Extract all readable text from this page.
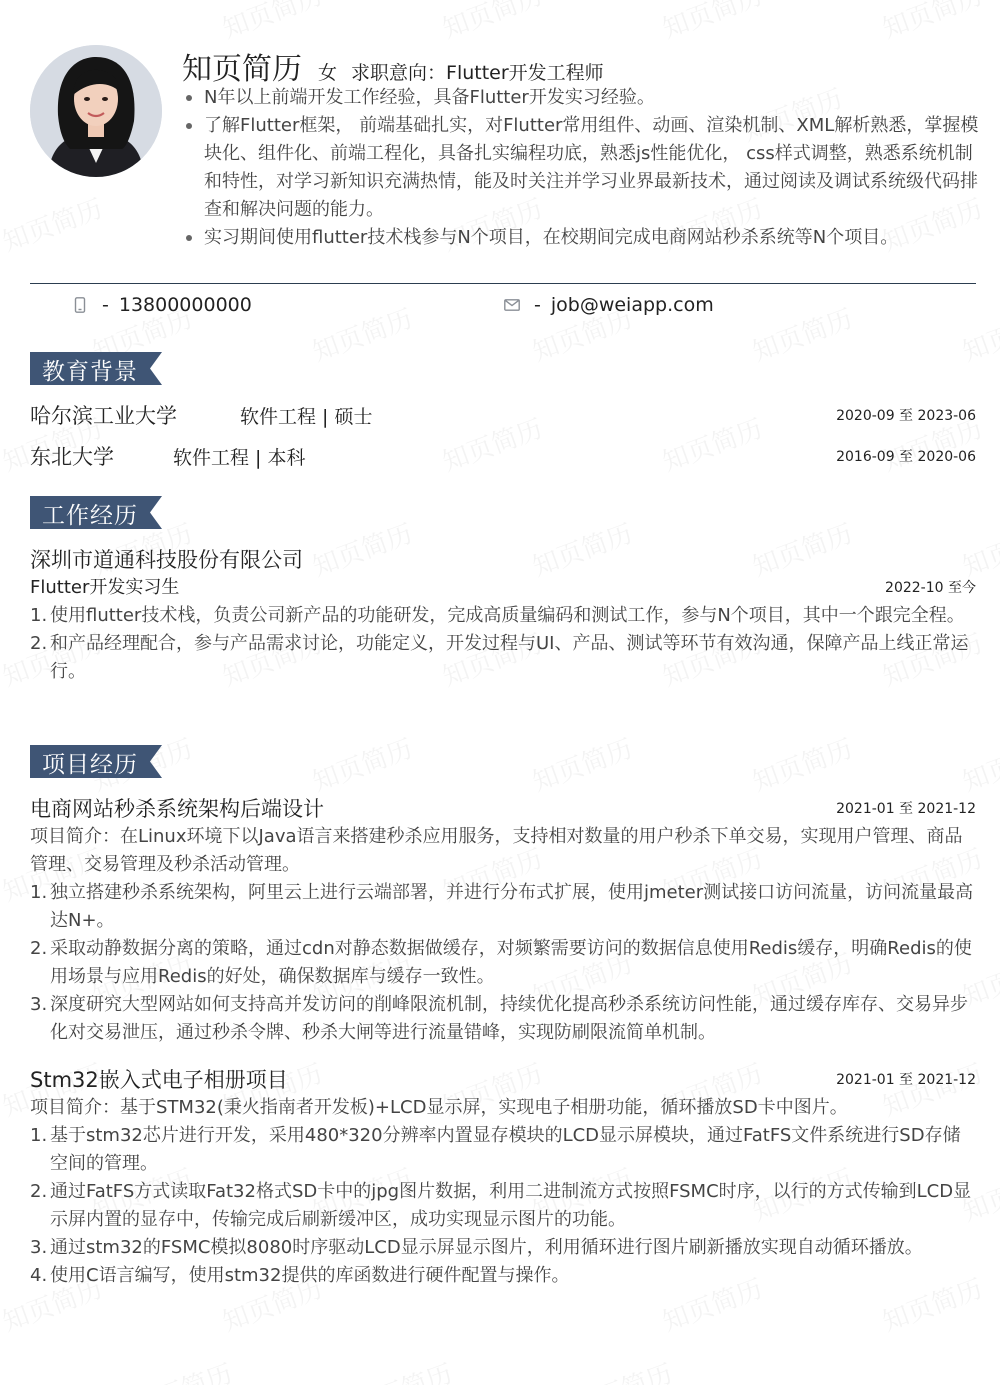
知页简历 女 求职意向： Flutter开发工程师
N年以上前端开发工作经验，具备Flutter开发实习经验。
了解Flutter框架， 前端基础扎实，对Flutter常用组件、动画、渲染机制、XML解析熟悉，掌握模块化、组件化、前端工程化，具备扎实编程功底，熟悉js性能优化， css样式调整，熟悉系统机制和特性，对学习新知识充满热情，能及时关注并学习业界最新技术，通过阅读及调试系统级代码排查和解决问题的能力。
实习期间使用flutter技术栈参与N个项目，在校期间完成电商网站秒杀系统等N个项目。
- 13800000000	- job@weiapp.com
教育背景
哈尔滨工业大学	软件工程 | 硕士	2020-09 至 2023-06
东北大学	软件工程 | 本科	2016-09 至 2020-06
工作经历
深圳市道通科技股份有限公司
Flutter开发实习生	2022-10 至今
1. 使用flutter技术栈，负责公司新产品的功能研发，完成高质量编码和测试工作，参与N个项目，其中一个跟完全程。
2. 和产品经理配合，参与产品需求讨论，功能定义，开发过程与UI、产品、测试等环节有效沟通，保障产品上线正常运行。
项目经历
电商网站秒杀系统架构后端设计	2021-01 至 2021-12

项目简介：在Linux环境下以Java语言来搭建秒杀应用服务，支持相对数量的用户秒杀下单交易，实现用户管理、商品管理、交易管理及秒杀活动管理。

1. 独立搭建秒杀系统架构，阿里云上进行云端部署，并进行分布式扩展，使用jmeter测试接口访问流量，访问流量最高达N+。
2. 采取动静数据分离的策略，通过cdn对静态数据做缓存，对频繁需要访问的数据信息使用Redis缓存，明确Redis的使用场景与应用Redis的好处，确保数据库与缓存一致性。
3. 深度研究大型网站如何支持高并发访问的削峰限流机制，持续优化提高秒杀系统访问性能，通过缓存库存、交易异步化对交易泄压，通过秒杀令牌、秒杀大闸等进行流量错峰，实现防刷限流简单机制。
Stm32嵌入式电子相册项目	2021-01 至 2021-12

项目简介：基于STM32(秉火指南者开发板)+LCD显示屏，实现电子相册功能，循环播放SD卡中图片。

1. 基于stm32芯片进行开发，采用480*320分辨率内置显存模块的LCD显示屏模块，通过FatFS文件系统进行SD存储空间的管理。
2. 通过FatFS方式读取Fat32格式SD卡中的jpg图片数据，利用二进制流方式按照FSMC时序，以行的方式传输到LCD显示屏内置的显存中，传输完成后刷新缓冲区，成功实现显示图片的功能。
3. 通过stm32的FSMC模拟8080时序驱动LCD显示屏显示图片，利用循环进行图片刷新播放实现自动循环播放。
4. 使用C语言编写，使用stm32提供的库函数进行硬件配置与操作。
